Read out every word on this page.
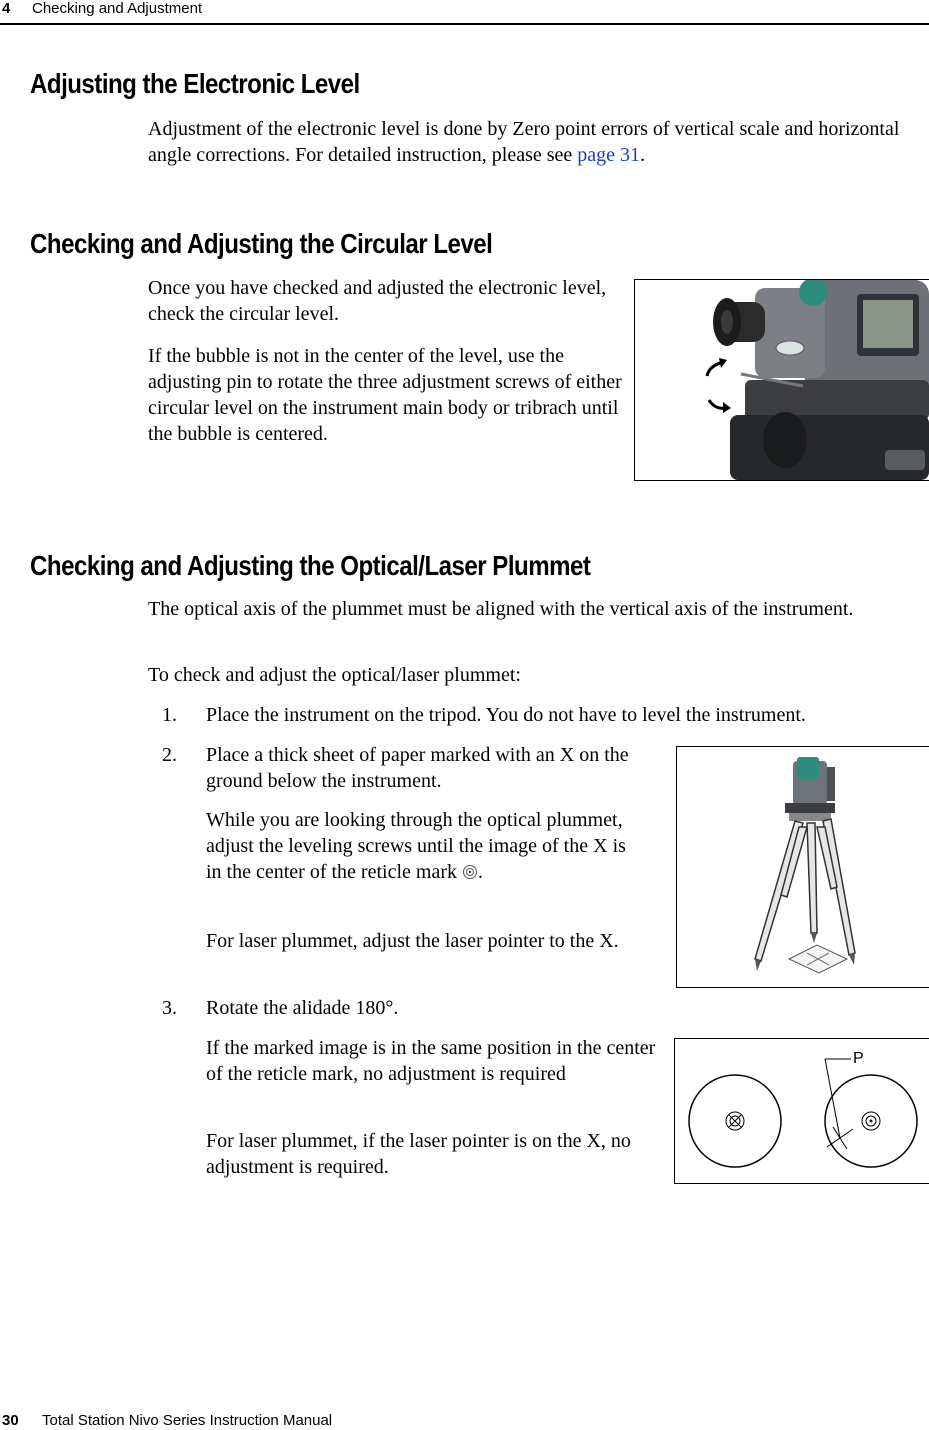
4	Checking and Adjustment
Adjusting the Electronic Level

Adjustment of the electronic level is done by Zero point errors of vertical scale and horizontal angle corrections. For detailed instruction, please see page 31.

Checking and Adjusting the Circular Level

Once you have checked and adjusted the electronic level, check the circular level.

If the bubble is not in the center of the level, use the adjusting pin to rotate the three adjustment screws of either circular level on the instrument main body or tribrach until the bubble is centered.

Checking and Adjusting the Optical/Laser Plummet

The optical axis of the plummet must be aligned with the vertical axis of the instrument.

To check and adjust the optical/laser plummet:

1. Place the instrument on the tripod. You do not have to level the instrument.

2. Place a thick sheet of paper marked with an X on the ground below the instrument.

While you are looking through the optical plummet, adjust the leveling screws until the image of the X is in the center of the reticle mark .

For laser plummet, adjust the laser pointer to the X.

3. Rotate the alidade 180°.

If the marked image is in the same position in the center of the reticle mark, no adjustment is required

For laser plummet, if the laser pointer is on the X, no adjustment is required.

P
30	Total Station Nivo Series Instruction Manual
